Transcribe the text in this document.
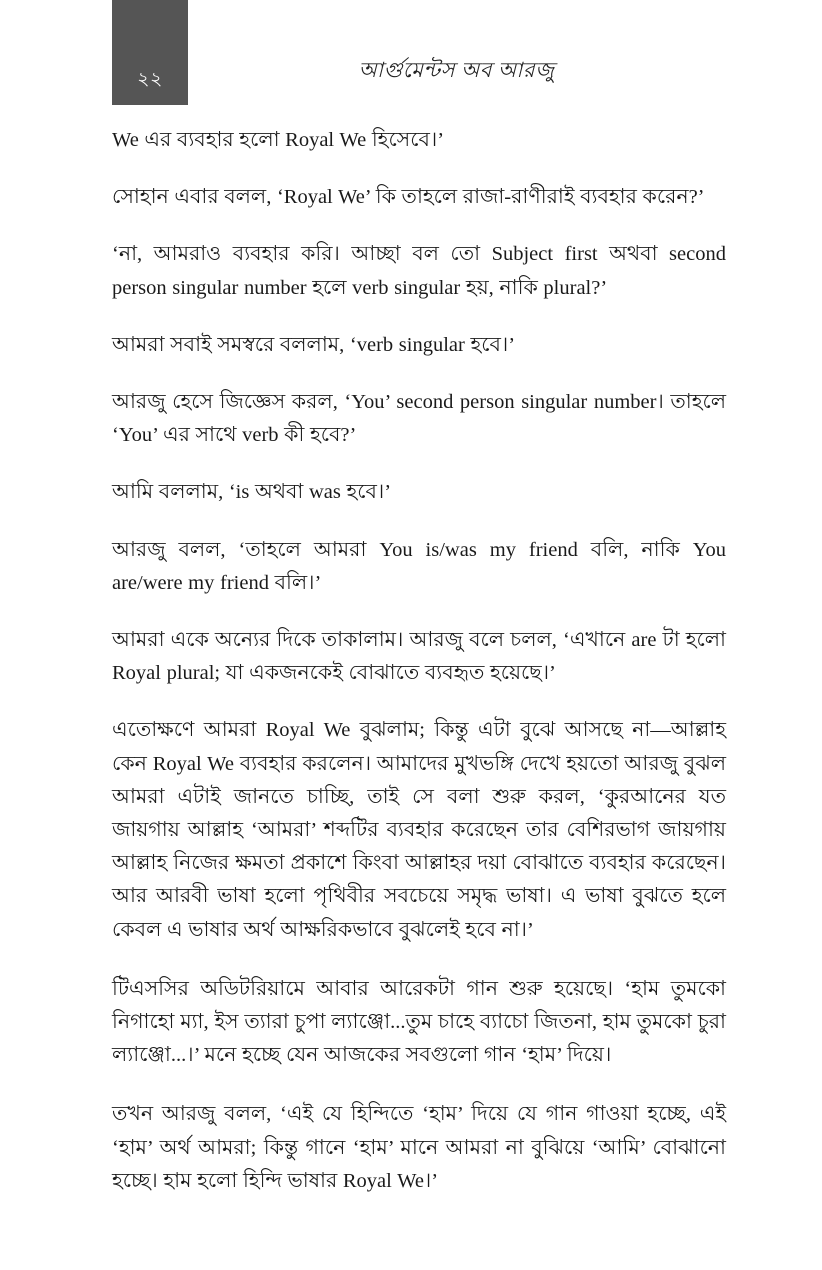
২২	আর্গুমেন্টস অব আরজু

We এর ব্যবহার হলো Royal We হিসেবে।’

সোহান এবার বলল, ‘Royal We’ কি তাহলে রাজা-রাণীরাই ব্যবহার করেন?’

‘না, আমরাও ব্যবহার করি। আচ্ছা বল তো Subject first অথবা second person singular number হলে verb singular হয়, নাকি plural?’

আমরা সবাই সমস্বরে বললাম, ‘verb singular হবে।’

আরজু হেসে জিজ্ঞেস করল, ‘You’ second person singular number। তাহলে ‘You’ এর সাথে verb কী হবে?’

আমি বললাম, ‘is অথবা was হবে।’

আরজু বলল, ‘তাহলে আমরা You is/was my friend বলি, নাকি You are/were my friend বলি।’

আমরা একে অন্যের দিকে তাকালাম। আরজু বলে চলল, ‘এখানে are টা হলো Royal plural; যা একজনকেই বোঝাতে ব্যবহৃত হয়েছে।’

এতোক্ষণে আমরা Royal We বুঝলাম; কিন্তু এটা বুঝে আসছে না—আল্লাহ কেন Royal We ব্যবহার করলেন। আমাদের মুখভঙ্গি দেখে হয়তো আরজু বুঝল আমরা এটাই জানতে চাচ্ছি, তাই সে বলা শুরু করল, ‘কুরআনের যত জায়গায় আল্লাহ ‘আমরা’ শব্দটির ব্যবহার করেছেন তার বেশিরভাগ জায়গায় আল্লাহ নিজের ক্ষমতা প্রকাশে কিংবা আল্লাহর দয়া বোঝাতে ব্যবহার করেছেন। আর আরবী ভাষা হলো পৃথিবীর সবচেয়ে সমৃদ্ধ ভাষা। এ ভাষা বুঝতে হলে কেবল এ ভাষার অর্থ আক্ষরিকভাবে বুঝলেই হবে না।’

টিএসসির অডিটরিয়ামে আবার আরেকটা গান শুরু হয়েছে। ‘হাম তুমকো নিগাহো ম্যা, ইস ত্যারা চুপা ল্যাঞ্জো...তুম চাহে ব্যাচো জিতনা, হাম তুমকো চুরা ল্যাঞ্জো...।’ মনে হচ্ছে যেন আজকের সবগুলো গান ‘হাম’ দিয়ে।

তখন আরজু বলল, ‘এই যে হিন্দিতে ‘হাম’ দিয়ে যে গান গাওয়া হচ্ছে, এই ‘হাম’ অর্থ আমরা; কিন্তু গানে ‘হাম’ মানে আমরা না বুঝিয়ে ‘আমি’ বোঝানো হচ্ছে। হাম হলো হিন্দি ভাষার Royal We।’
